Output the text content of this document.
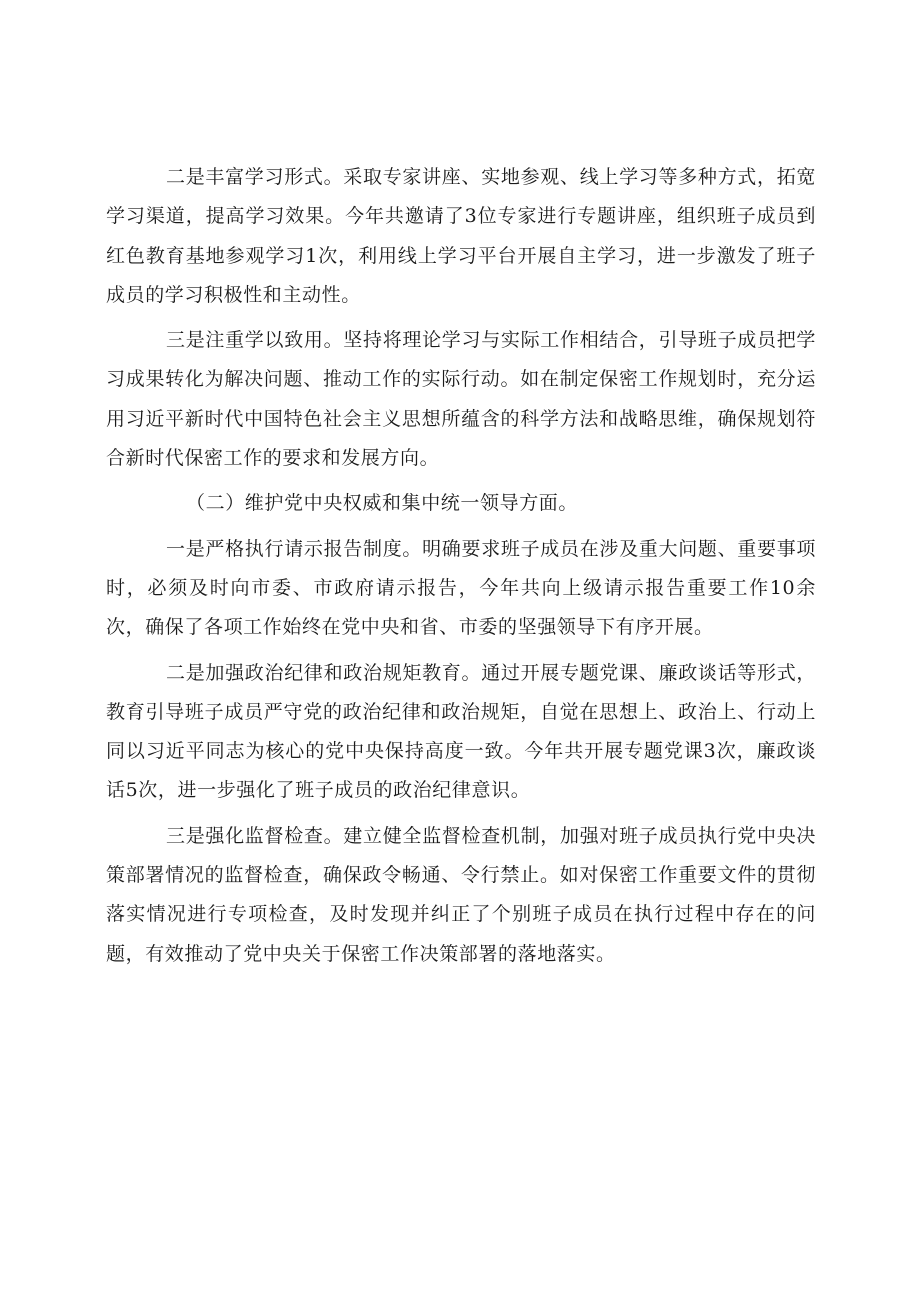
二是丰富学习形式。采取专家讲座、实地参观、线上学习等多种方式，拓宽学习渠道，提高学习效果。今年共邀请了3位专家进行专题讲座，组织班子成员到红色教育基地参观学习1次，利用线上学习平台开展自主学习，进一步激发了班子成员的学习积极性和主动性。

三是注重学以致用。坚持将理论学习与实际工作相结合，引导班子成员把学习成果转化为解决问题、推动工作的实际行动。如在制定保密工作规划时，充分运用习近平新时代中国特色社会主义思想所蕴含的科学方法和战略思维，确保规划符合新时代保密工作的要求和发展方向。

（二）维护党中央权威和集中统一领导方面。

一是严格执行请示报告制度。明确要求班子成员在涉及重大问题、重要事项时，必须及时向市委、市政府请示报告，今年共向上级请示报告重要工作10余次，确保了各项工作始终在党中央和省、市委的坚强领导下有序开展。

二是加强政治纪律和政治规矩教育。通过开展专题党课、廉政谈话等形式，教育引导班子成员严守党的政治纪律和政治规矩，自觉在思想上、政治上、行动上同以习近平同志为核心的党中央保持高度一致。今年共开展专题党课3次，廉政谈话5次，进一步强化了班子成员的政治纪律意识。

三是强化监督检查。建立健全监督检查机制，加强对班子成员执行党中央决策部署情况的监督检查，确保政令畅通、令行禁止。如对保密工作重要文件的贯彻落实情况进行专项检查，及时发现并纠正了个别班子成员在执行过程中存在的问题，有效推动了党中央关于保密工作决策部署的落地落实。
